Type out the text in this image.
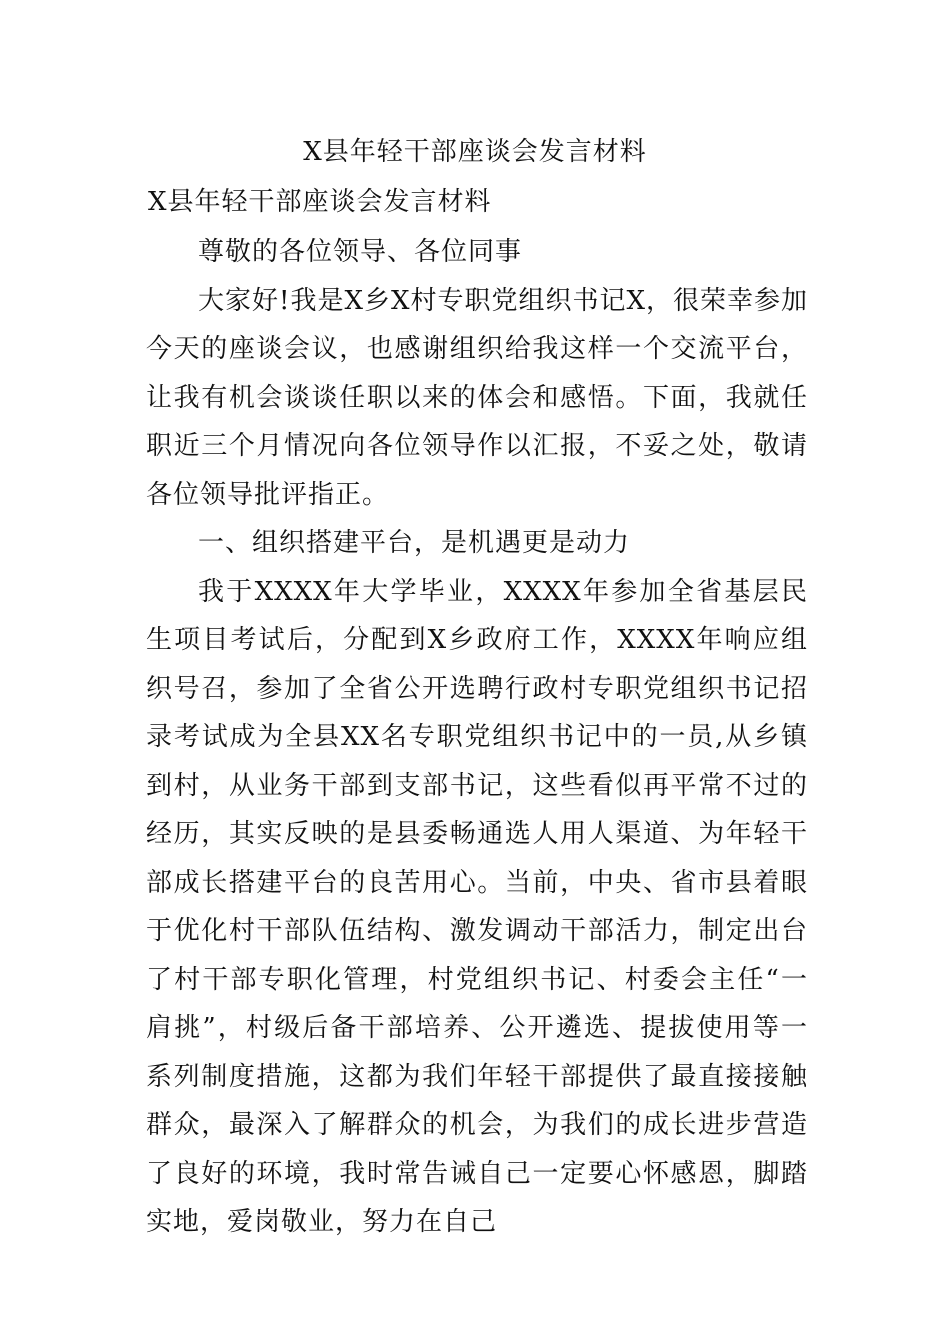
X县年轻干部座谈会发言材料
X县年轻干部座谈会发言材料

尊敬的各位领导、各位同事

大家好!我是X乡X村专职党组织书记X，很荣幸参加今天的座谈会议，也感谢组织给我这样一个交流平台，让我有机会谈谈任职以来的体会和感悟。下面，我就任职近三个月情况向各位领导作以汇报，不妥之处，敬请各位领导批评指正。

一、组织搭建平台，是机遇更是动力

我于XXXX年大学毕业，XXXX年参加全省基层民生项目考试后，分配到X乡政府工作，XXXX年响应组织号召，参加了全省公开选聘行政村专职党组织书记招录考试成为全县XX名专职党组织书记中的一员,从乡镇到村，从业务干部到支部书记，这些看似再平常不过的经历，其实反映的是县委畅通选人用人渠道、为年轻干部成长搭建平台的良苦用心。当前，中央、省市县着眼于优化村干部队伍结构、激发调动干部活力，制定出台了村干部专职化管理，村党组织书记、村委会主任“一肩挑”，村级后备干部培养、公开遴选、提拔使用等一系列制度措施，这都为我们年轻干部提供了最直接接触群众，最深入了解群众的机会，为我们的成长进步营造了良好的环境，我时常告诫自己一定要心怀感恩，脚踏实地，爱岗敬业，努力在自己
